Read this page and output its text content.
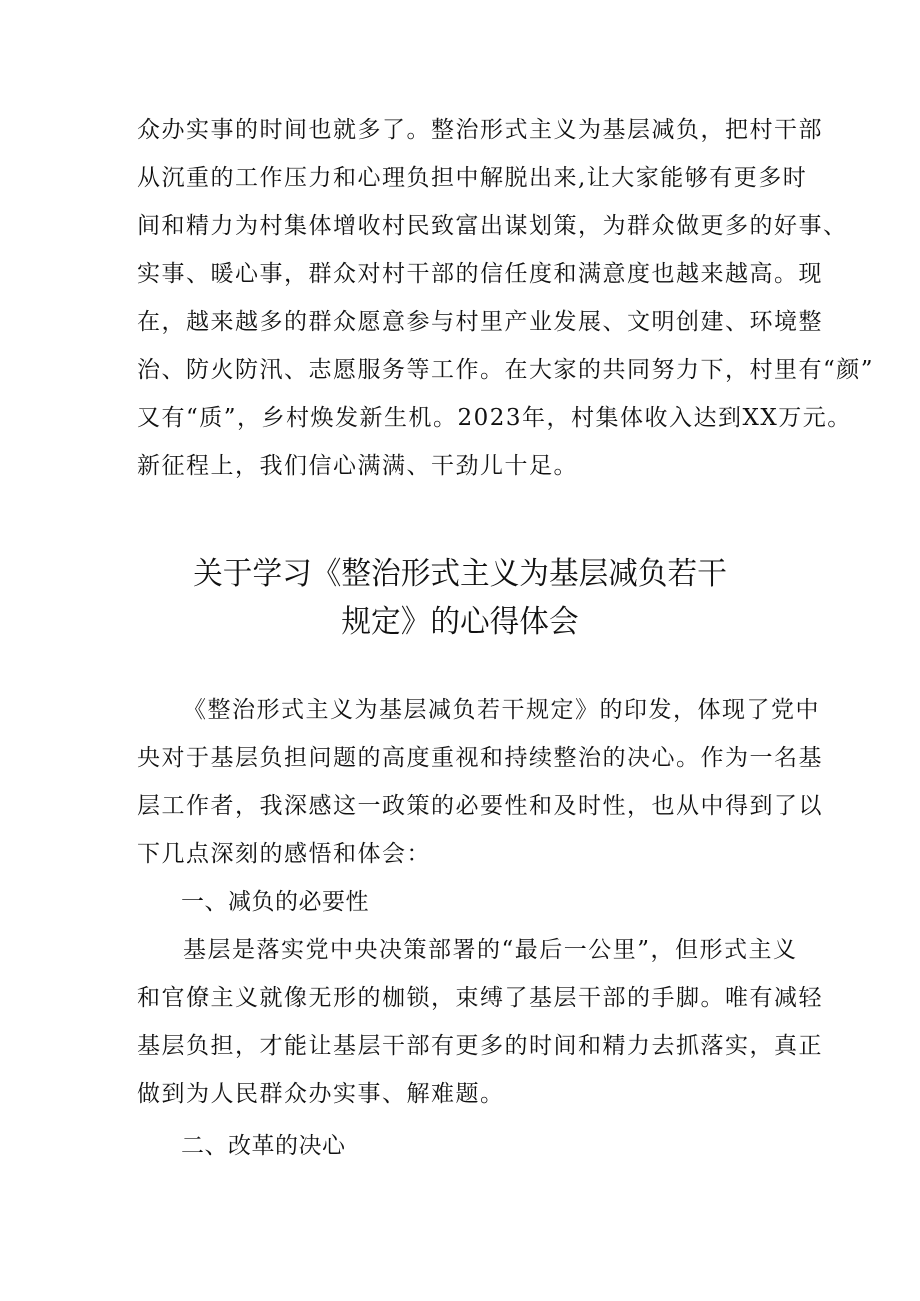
众办实事的时间也就多了。整治形式主义为基层减负，把村干部
从沉重的工作压力和心理负担中解脱出来,让大家能够有更多时
间和精力为村集体增收村民致富出谋划策，为群众做更多的好事、
实事、暖心事，群众对村干部的信任度和满意度也越来越高。现
在，越来越多的群众愿意参与村里产业发展、文明创建、环境整
治、防火防汛、志愿服务等工作。在大家的共同努力下，村里有“颜”
又有“质”，乡村焕发新生机。2023年，村集体收入达到XX万元。
新征程上，我们信心满满、干劲儿十足。
关于学习《整治形式主义为基层减负若干
规定》的心得体会
《整治形式主义为基层减负若干规定》的印发，体现了党中
央对于基层负担问题的高度重视和持续整治的决心。作为一名基
层工作者，我深感这一政策的必要性和及时性，也从中得到了以
下几点深刻的感悟和体会：
一、减负的必要性
基层是落实党中央决策部署的“最后一公里”，但形式主义
和官僚主义就像无形的枷锁，束缚了基层干部的手脚。唯有减轻
基层负担，才能让基层干部有更多的时间和精力去抓落实，真正
做到为人民群众办实事、解难题。
二、改革的决心
